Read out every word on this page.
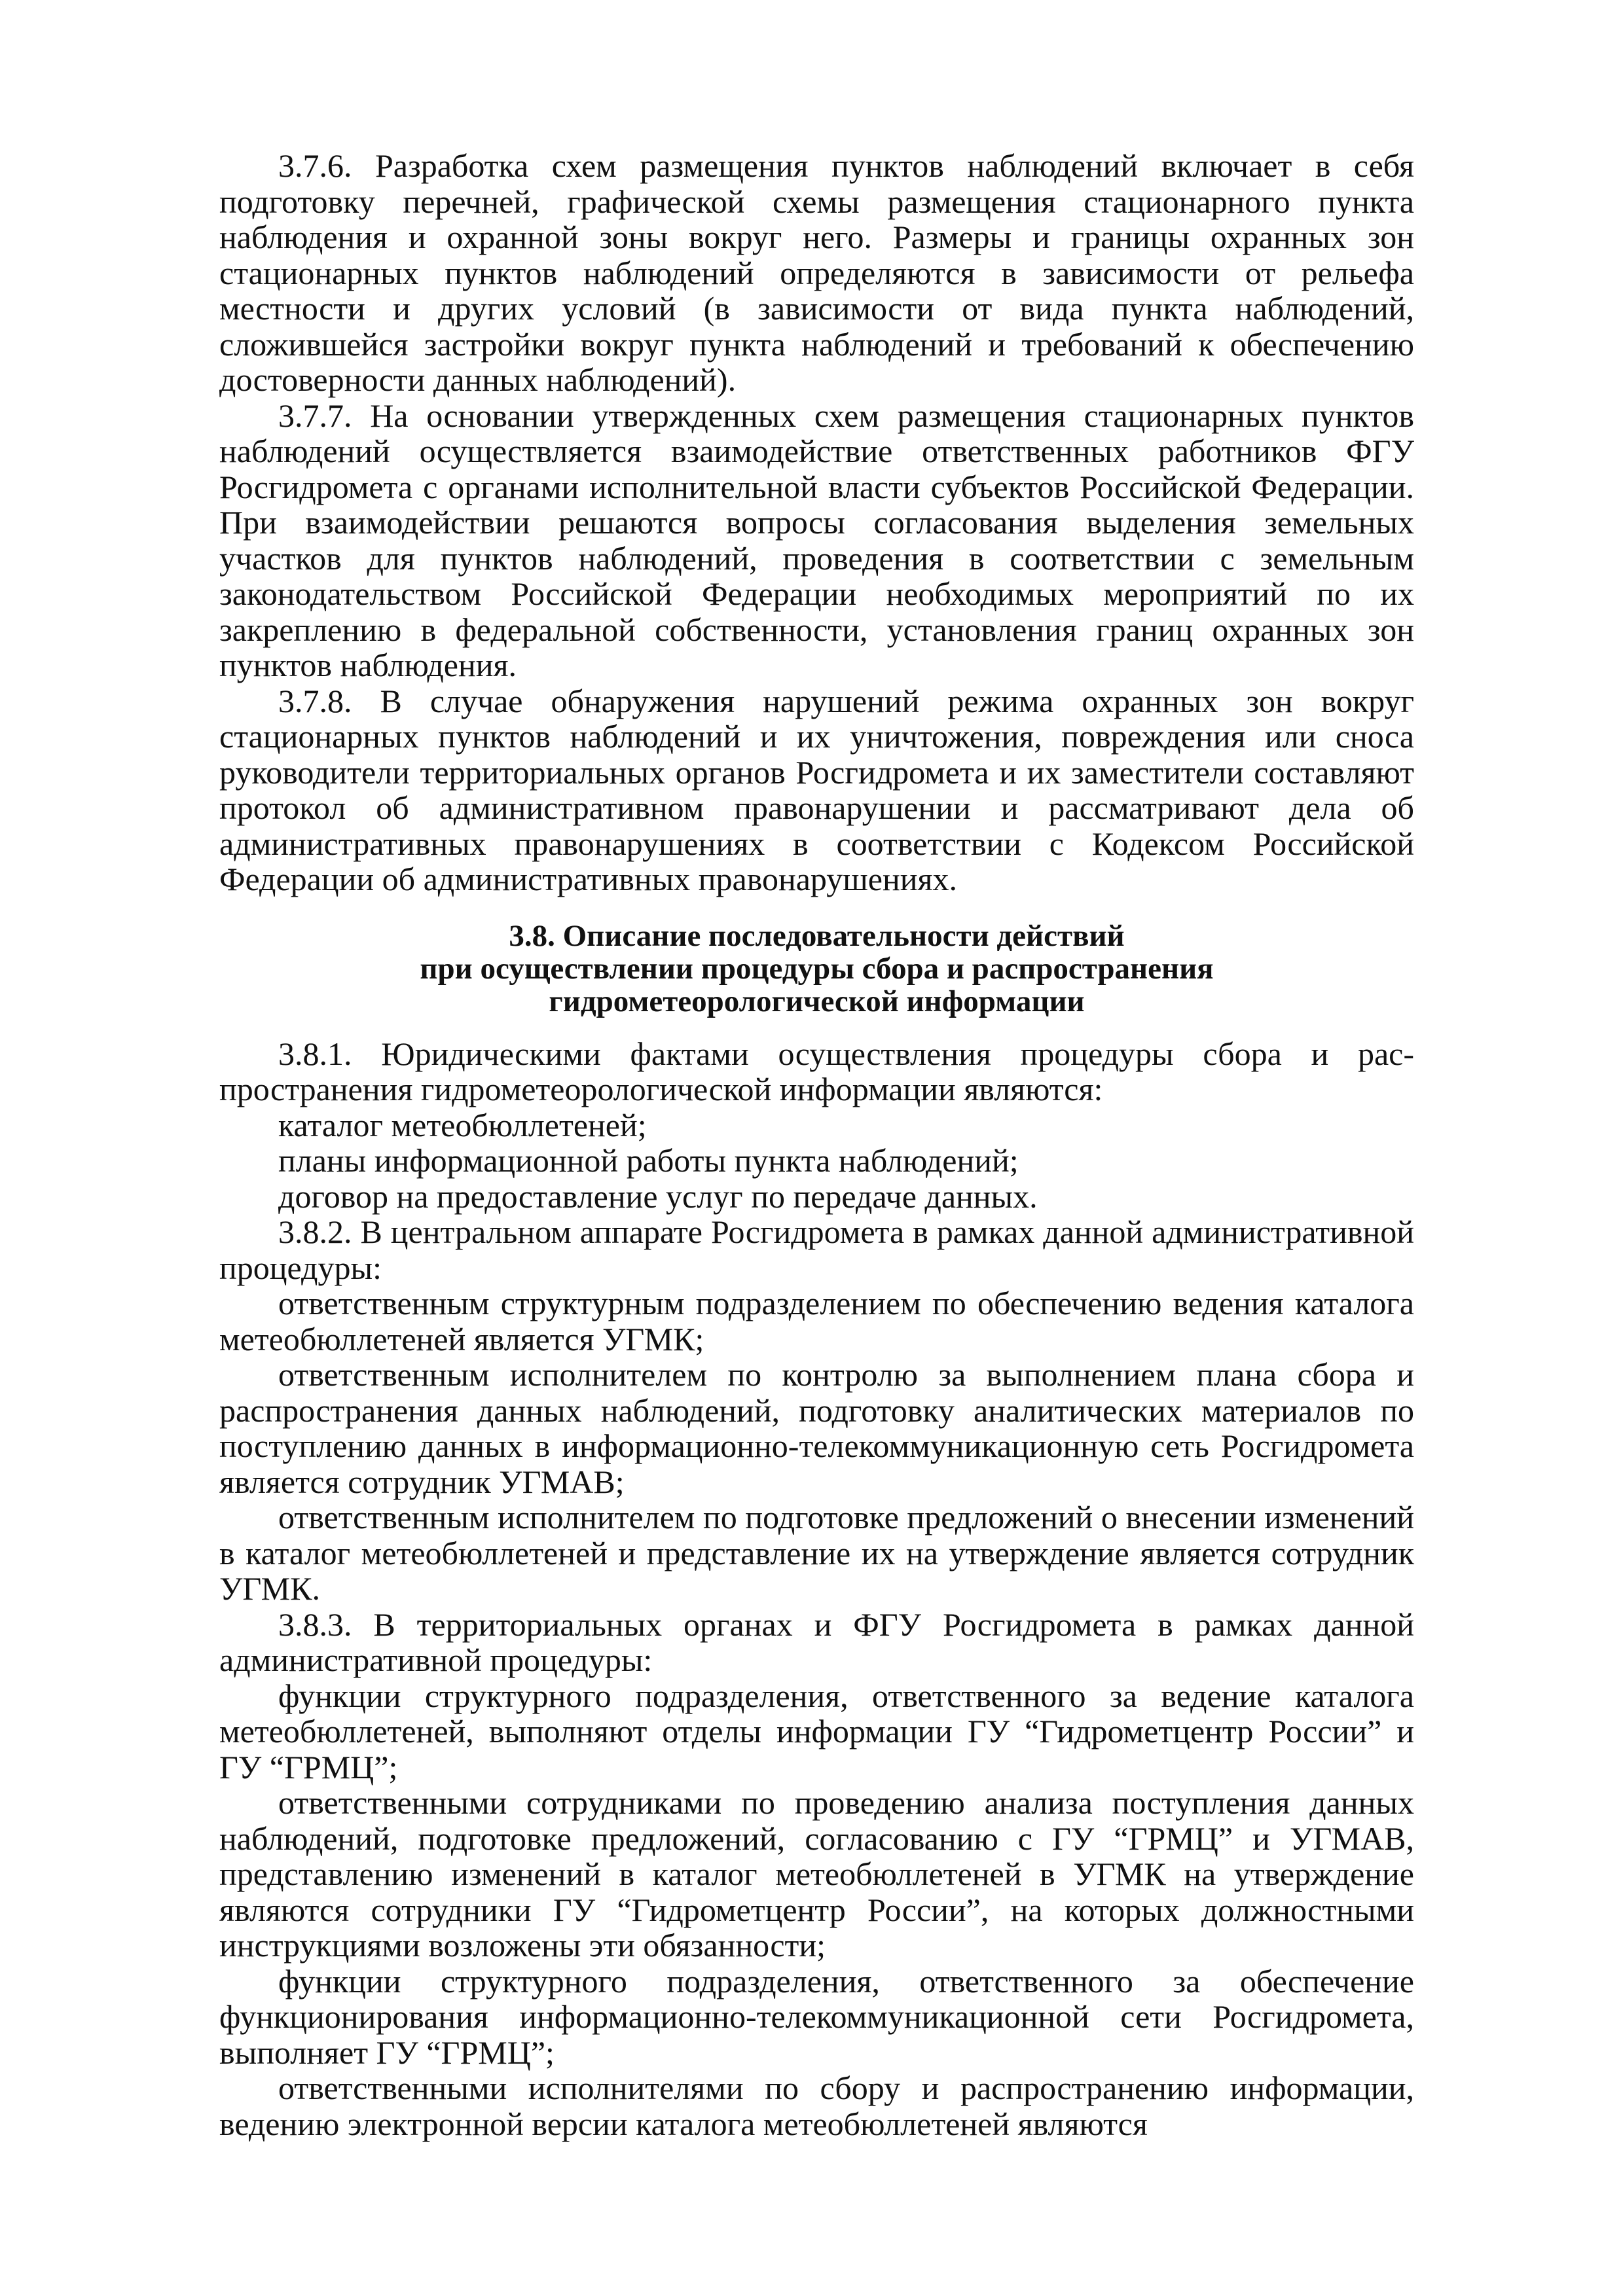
3.7.6. Разработка схем размещения пунктов наблюдений включает в себя подготовку перечней, графической схемы размещения стационарного пункта наблюдения и охранной зоны вокруг него. Размеры и границы охранных зон стационарных пунктов наблюдений определяются в зависимости от рельефа местности и других условий (в зависимости от вида пункта наблюдений, сложившейся застройки вокруг пункта наблюдений и требований к обеспечению достоверности данных наблюдений).

3.7.7. На основании утвержденных схем размещения стационарных пунктов наблюдений осуществляется взаимодействие ответственных работников ФГУ Росгидромета с органами исполнительной власти субъектов Российской Федерации. При взаимодействии решаются вопросы согласования выделения земельных участков для пунктов наблюдений, проведения в соответствии с земельным законодательством Российской Федерации необходимых мероприятий по их закреплению в федеральной собственности, установления границ охранных зон пунктов наблюдения.

3.7.8. В случае обнаружения нарушений режима охранных зон вокруг стационарных пунктов наблюдений и их уничтожения, повреждения или сноса руководители территориальных органов Росгидромета и их заместители составляют протокол об административном правонарушении и рассматривают дела об административных правонарушениях в соответствии с Кодексом Российской Федерации об административных правонарушениях.

3.8. Описание последовательности действий
при осуществлении процедуры сбора и распространения
гидрометеорологической информации

3.8.1. Юридическими фактами осуществления процедуры сбора и распространения гидрометеорологической информации являются:

каталог метеобюллетеней;

планы информационной работы пункта наблюдений;

договор на предоставление услуг по передаче данных.

3.8.2. В центральном аппарате Росгидромета в рамках данной административной процедуры:

ответственным структурным подразделением по обеспечению ведения каталога метеобюллетеней является УГМК;

ответственным исполнителем по контролю за выполнением плана сбора и распространения данных наблюдений, подготовку аналитических материалов по поступлению данных в информационно-телекоммуникационную сеть Росгидромета является сотрудник УГМАВ;

ответственным исполнителем по подготовке предложений о внесении изменений в каталог метеобюллетеней и представление их на утверждение является сотрудник УГМК.

3.8.3. В территориальных органах и ФГУ Росгидромета в рамках данной административной процедуры:

функции структурного подразделения, ответственного за ведение каталога метеобюллетеней, выполняют отделы информации ГУ “Гидрометцентр России” и ГУ “ГРМЦ”;

ответственными сотрудниками по проведению анализа поступления данных наблюдений, подготовке предложений, согласованию с ГУ “ГРМЦ” и УГМАВ, представлению изменений в каталог метеобюллетеней в УГМК на утверждение являются сотрудники ГУ “Гидрометцентр России”, на которых должностными инструкциями возложены эти обязанности;

функции структурного подразделения, ответственного за обеспечение функционирования информационно-телекоммуникационной сети Росгидромета, выполняет ГУ “ГРМЦ”;

ответственными исполнителями по сбору и распространению информации, ведению электронной версии каталога метеобюллетеней являются
